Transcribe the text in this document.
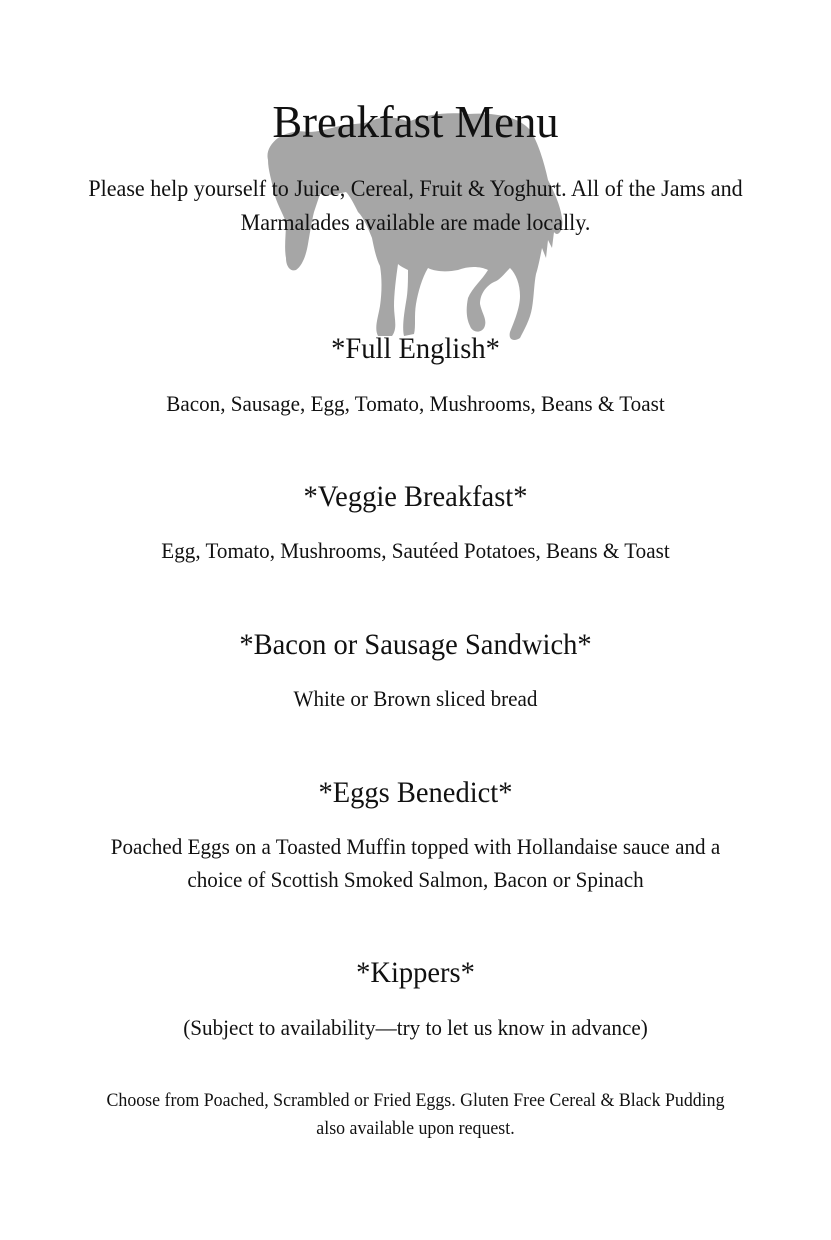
Breakfast Menu
Please help yourself to Juice, Cereal, Fruit & Yoghurt. All of the Jams and
Marmalades available are made locally.
*Full English*
Bacon, Sausage, Egg, Tomato, Mushrooms, Beans & Toast
*Veggie Breakfast*
Egg, Tomato, Mushrooms, Sautéed Potatoes, Beans & Toast
*Bacon or Sausage Sandwich*
White or Brown sliced bread
*Eggs Benedict*
Poached Eggs on a Toasted Muffin topped with Hollandaise sauce and a
choice of Scottish Smoked Salmon, Bacon or Spinach
*Kippers*
(Subject to availability—try to let us know in advance)
Choose from Poached, Scrambled or Fried Eggs. Gluten Free Cereal & Black Pudding
also available upon request.
